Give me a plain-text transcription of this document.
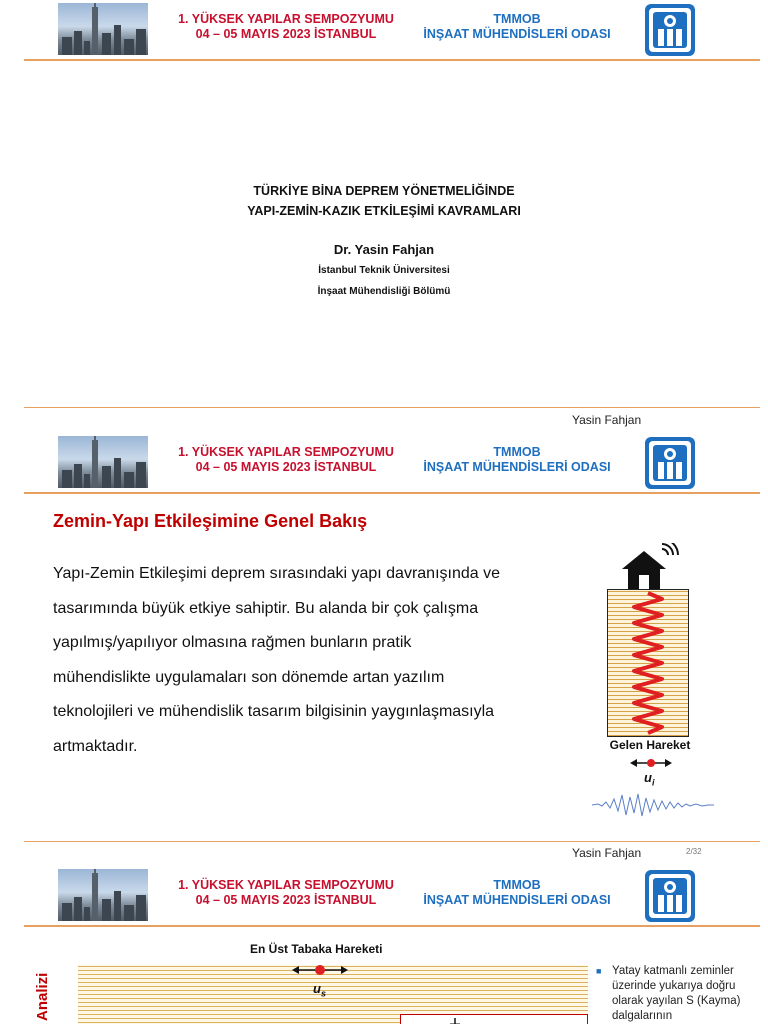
1. YÜKSEK YAPILAR SEMPOZYUMU
04 – 05 MAYIS 2023 İSTANBUL
TMMOB
İNŞAAT MÜHENDİSLERİ ODASI
TÜRKİYE BİNA DEPREM YÖNETMELİĞİNDE
YAPI-ZEMİN-KAZIK ETKİLEŞİMİ KAVRAMLARI
Dr. Yasin Fahjan
İstanbul Teknik Üniversitesi
İnşaat Mühendisliği Bölümü
Yasin Fahjan
1. YÜKSEK YAPILAR SEMPOZYUMU
04 – 05 MAYIS 2023 İSTANBUL
TMMOB
İNŞAAT MÜHENDİSLERİ ODASI
Zemin-Yapı Etkileşimine Genel Bakış
Yapı-Zemin Etkileşimi deprem sırasındaki yapı davranışında ve
tasarımında büyük etkiye sahiptir. Bu alanda bir çok çalışma
yapılmış/yapılıyor olmasına rağmen bunların pratik
mühendislikte uygulamaları son dönemde artan yazılım
teknolojileri ve mühendislik tasarım bilgisinin yaygınlaşmasıyla
artmaktadır.	Gelen Hareket
$u_i$
Yasin Fahjan	2/32
1. YÜKSEK YAPILAR SEMPOZYUMU
04 – 05 MAYIS 2023 İSTANBUL
TMMOB
İNŞAAT MÜHENDİSLERİ ODASI
Analizi
En Üst Tabaka Hareketi
$u_s$
■ Yatay katmanlı zeminler
üzerinde yukarıya doğru
olarak yayılan S (Kayma)
dalgalarının
